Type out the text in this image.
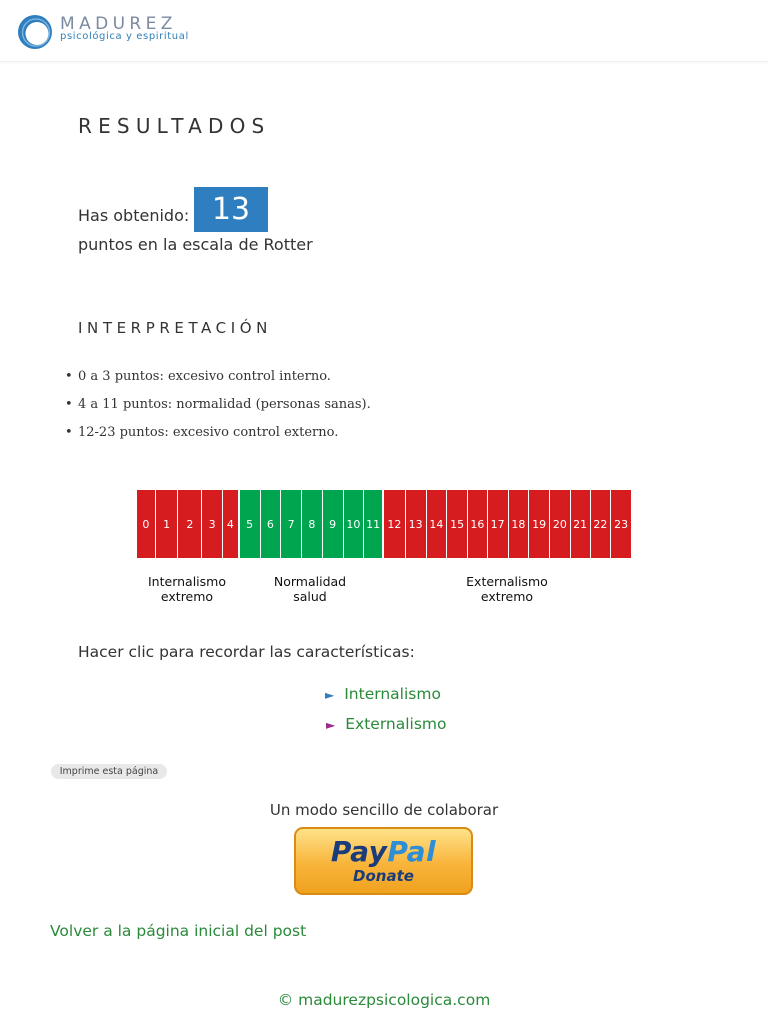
MADUREZ
psicológica y espiritual
RESULTADOS
Has obtenido: 13
puntos en la escala de Rotter
INTERPRETACIÓN
• 0 a 3 puntos: excesivo control interno.
• 4 a 11 puntos: normalidad (personas sanas).
• 12-23 puntos: excesivo control externo.
0	1	2	3	4	5	6	7	8	9 10 11 12 13 14 15 16 17 18 19 20 21 22 23
Internalismo
extremo
Normalidad
salud
Externalismo
extremo
Hacer clic para recordar las características:
► Internalismo
► Externalismo
Imprime esta página
Un modo sencillo de colaborar
PayPal
Donate
Volver a la página inicial del post
© madurezpsicologica.com
